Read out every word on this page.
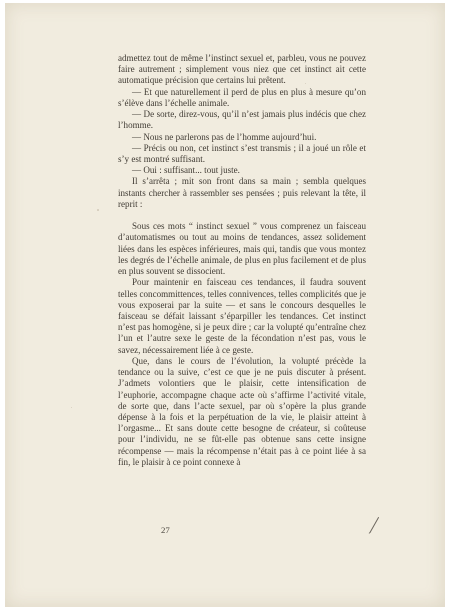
admettez tout de même l’instinct sexuel et, parbleu, vous ne pouvez faire autrement ; simplement vous niez que cet instinct ait cette automatique précision que certains lui prêtent.

— Et que naturellement il perd de plus en plus à mesure qu’on s’élève dans l’échelle animale.

— De sorte, direz-vous, qu’il n’est jamais plus indécis que chez l’homme.

— Nous ne parlerons pas de l’homme aujourd’hui.

— Précis ou non, cet instinct s’est transmis ; il a joué un rôle et s’y est montré suffisant.

— Oui : suffisant... tout juste.

Il s’arrêta ; mit son front dans sa main ; sembla quelques instants chercher à rassembler ses pensées ; puis relevant la tête, il reprit :

Sous ces mots “ instinct sexuel ” vous comprenez un faisceau d’automatismes ou tout au moins de tendances, assez solidement liées dans les espèces inférieures, mais qui, tandis que vous montez les degrés de l’échelle animale, de plus en plus facilement et de plus en plus souvent se dissocient.

Pour maintenir en faisceau ces tendances, il faudra souvent telles concommittences, telles connivences, telles complicités que je vous exposerai par la suite — et sans le concours desquelles le faisceau se défait laissant s’éparpiller les tendances. Cet instinct n’est pas homogène, si je peux dire ; car la volupté qu’entraîne chez l’un et l’autre sexe le geste de la fécondation n’est pas, vous le savez, nécessairement liée à ce geste.

Que, dans le cours de l’évolution, la volupté précède la tendance ou la suive, c’est ce que je ne puis discuter à présent. J’admets volontiers que le plaisir, cette intensification de l’euphorie, accompagne chaque acte où s’affirme l’activité vitale, de sorte que, dans l’acte sexuel, par où s’opère la plus grande dépense à la fois et la perpétuation de la vie, le plaisir atteint à l’orgasme... Et sans doute cette besogne de créateur, si coûteuse pour l’individu, ne se fût-elle pas obtenue sans cette insigne récompense — mais la récompense n’était pas à ce point liée à sa fin, le plaisir à ce point connexe à

27
